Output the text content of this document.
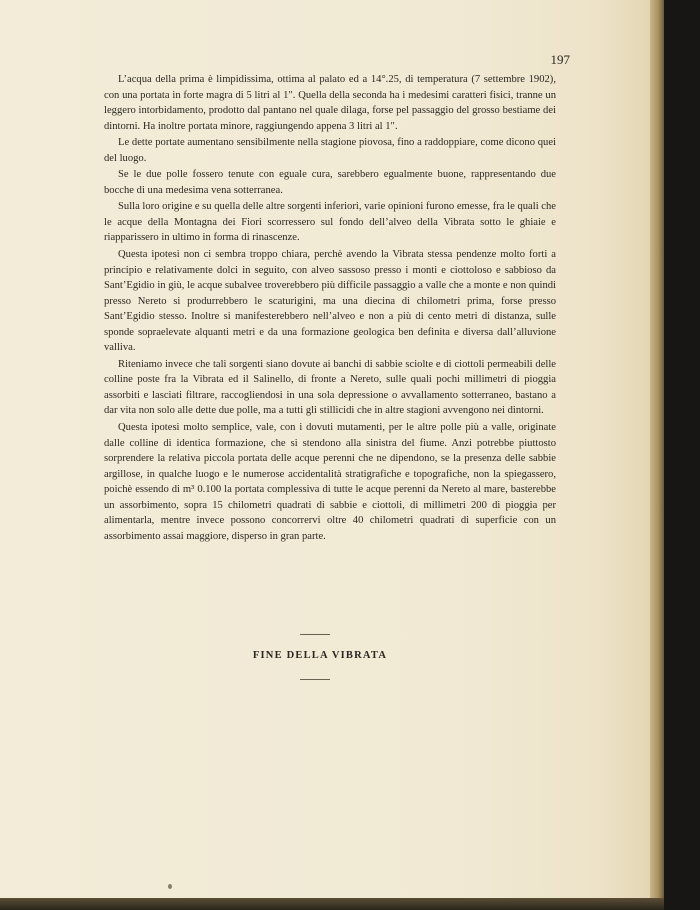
197

L’acqua della prima è limpidissima, ottima al palato ed a 14°.25, di temperatura (7 settembre 1902), con una portata in forte magra di 5 litri al 1″. Quella della seconda ha i medesimi caratteri fisici, tranne un leggero intorbidamento, prodotto dal pantano nel quale dilaga, forse pel passaggio del grosso bestiame dei dintorni. Ha inoltre portata minore, raggiungendo appena 3 litri al 1″.

Le dette portate aumentano sensibilmente nella stagione piovosa, fino a raddoppiare, come dicono quei del luogo.

Se le due polle fossero tenute con eguale cura, sarebbero egualmente buone, rappresentando due bocche di una medesima vena sotterranea.

Sulla loro origine e su quella delle altre sorgenti inferiori, varie opinioni furono emesse, fra le quali che le acque della Montagna dei Fiori scorressero sul fondo dell’alveo della Vibrata sotto le ghiaie e riapparissero in ultimo in forma di rinascenze.

Questa ipotesi non ci sembra troppo chiara, perchè avendo la Vibrata stessa pendenze molto forti a principio e relativamente dolci in seguito, con alveo sassoso presso i monti e ciottoloso e sabbioso da Sant’Egidio in giù, le acque subalvee troverebbero più difficile passaggio a valle che a monte e non quindi presso Nereto si produrrebbero le scaturigini, ma una diecina di chilometri prima, forse presso Sant’Egidio stesso. Inoltre si manifesterebbero nell’alveo e non a più di cento metri di distanza, sulle sponde sopraelevate alquanti metri e da una formazione geologica ben definita e diversa dall’alluvione valliva.

Riteniamo invece che tali sorgenti siano dovute ai banchi di sabbie sciolte e di ciottoli permeabili delle colline poste fra la Vibrata ed il Salinello, di fronte a Nereto, sulle quali pochi millimetri di pioggia assorbiti e lasciati filtrare, raccogliendosi in una sola depressione o avvallamento sotterraneo, bastano a dar vita non solo alle dette due polle, ma a tutti gli stillicidi che in altre stagioni avvengono nei dintorni.

Questa ipotesi molto semplice, vale, con i dovuti mutamenti, per le altre polle più a valle, originate dalle colline di identica formazione, che si stendono alla sinistra del fiume. Anzi potrebbe piuttosto sorprendere la relativa piccola portata delle acque perenni che ne dipendono, se la presenza delle sabbie argillose, in qualche luogo e le numerose accidentalità stratigrafiche e topografiche, non la spiegassero, poichè essendo di m³ 0.100 la portata complessiva di tutte le acque perenni da Nereto al mare, basterebbe un assorbimento, sopra 15 chilometri quadrati di sabbie e ciottoli, di millimetri 200 di pioggia per alimentarla, mentre invece possono concorrervi oltre 40 chilometri quadrati di superficie con un assorbimento assai maggiore, disperso in gran parte.

FINE DELLA VIBRATA
